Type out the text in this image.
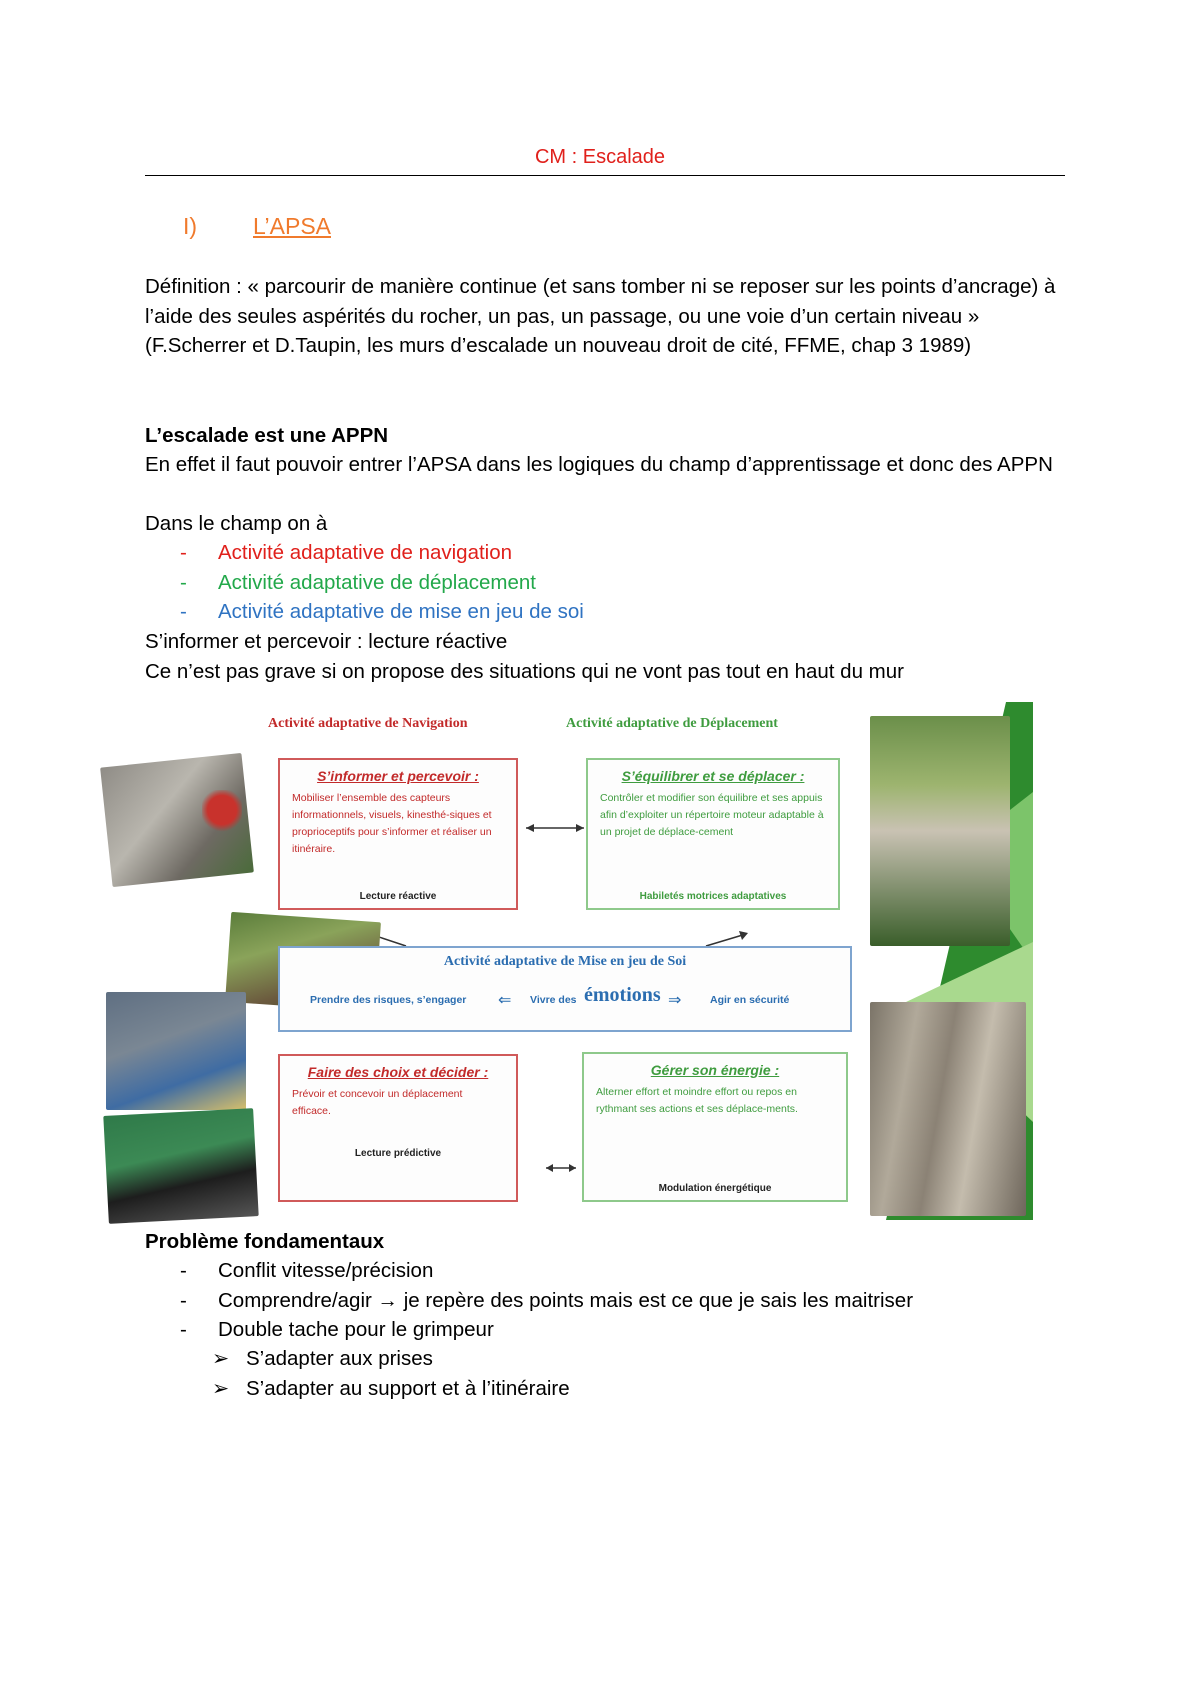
CM : Escalade
I) L’APSA
Définition : « parcourir de manière continue (et sans tomber ni se reposer sur les points d’ancrage) à l’aide des seules aspérités du rocher, un pas, un passage, ou une voie d’un certain niveau » (F.Scherrer et D.Taupin, les murs d’escalade un nouveau droit de cité, FFME, chap 3 1989)
L’escalade est une APPN
En effet il faut pouvoir entrer l’APSA dans les logiques du champ d’apprentissage et donc des APPN
Dans le champ on à
- Activité adaptative de navigation
- Activité adaptative de déplacement
- Activité adaptative de mise en jeu de soi
S’informer et percevoir : lecture réactive
Ce n’est pas grave si on propose des situations qui ne vont pas tout en haut du mur
Activité adaptative de Navigation	Activité adaptative de Déplacement
S’informer et percevoir :
Mobiliser l’ensemble des capteurs informationnels, visuels, kinesthé-siques et proprioceptifs pour s’informer et réaliser un itinéraire.
Lecture réactive
S’équilibrer et se déplacer :
Contrôler et modifier son équilibre et ses appuis afin d’exploiter un répertoire moteur adaptable à un projet de déplace-cement
Habiletés motrices adaptatives
Activité adaptative de Mise en jeu de Soi
Prendre des risques, s’engager ⇐ Vivre des émotions ⇒	Agir en sécurité
Faire des choix et décider :
Prévoir et concevoir un déplacement efficace.
Lecture prédictive
Gérer son énergie :
Alterner effort et moindre effort ou repos en rythmant ses actions et ses déplace-ments.
Modulation énergétique
Problème fondamentaux
- Conflit vitesse/précision
- Comprendre/agir → je repère des points mais est ce que je sais les maitriser
- Double tache pour le grimpeur
➢ S’adapter aux prises
➢ S’adapter au support et à l’itinéraire
